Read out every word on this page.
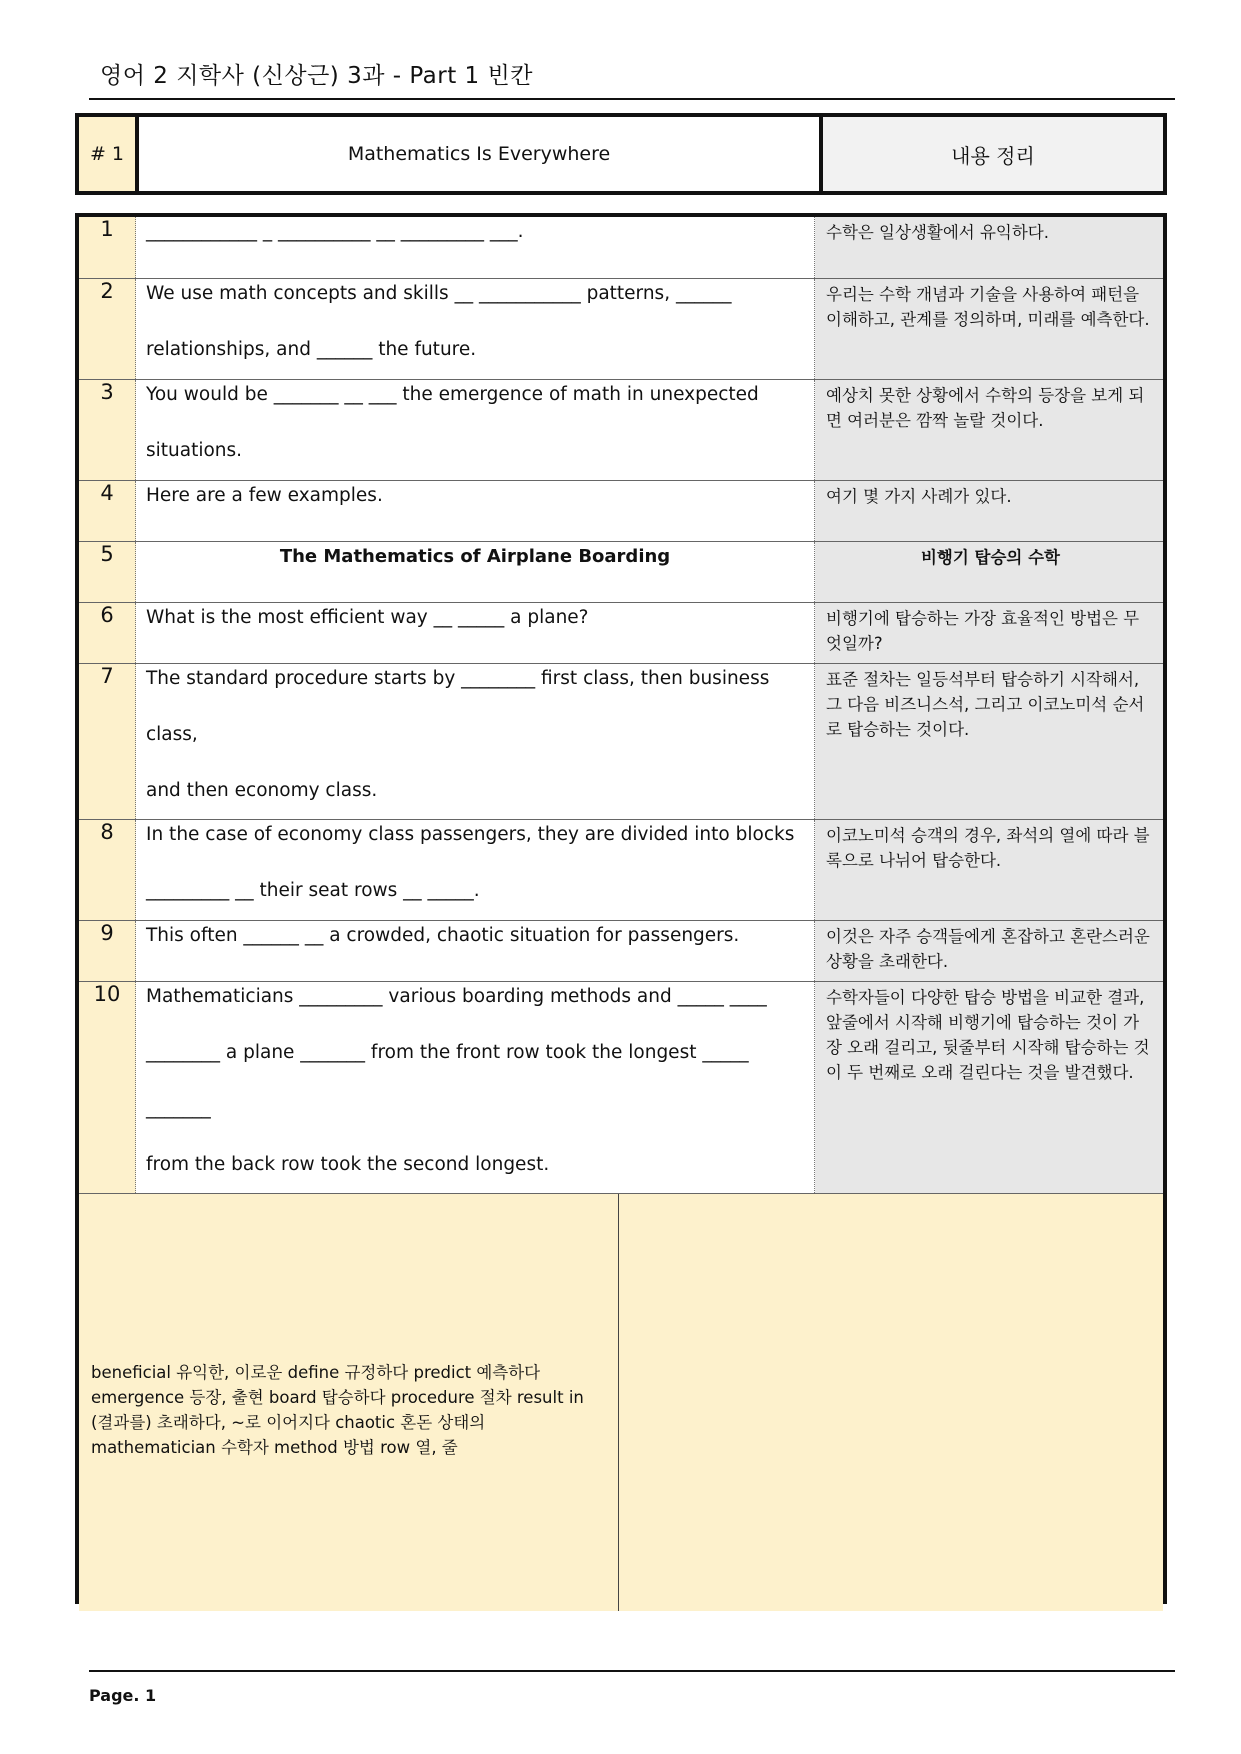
영어 2 지학사 (신상근) 3과 - Part 1 빈칸
# 1	Mathematics Is Everywhere	내용 정리
1	____________ _ __________ __ _________ ___.	수학은 일상생활에서 유익하다.
2	We use math concepts and skills __ ___________ patterns, ______
relationships, and ______ the future.	우리는 수학 개념과 기술을 사용하여 패턴을 이해하고, 관계를 정의하며, 미래를 예측한다.
3	You would be _______ __ ___ the emergence of math in unexpected
situations.	예상치 못한 상황에서 수학의 등장을 보게 되면 여러분은 깜짝 놀랄 것이다.
4	Here are a few examples.	여기 몇 가지 사례가 있다.
5	The Mathematics of Airplane Boarding	비행기 탑승의 수학
6	What is the most efficient way __ _____ a plane?	비행기에 탑승하는 가장 효율적인 방법은 무엇일까?
7	The standard procedure starts by ________ first class, then business class,
and then economy class.	표준 절차는 일등석부터 탑승하기 시작해서, 그 다음 비즈니스석, 그리고 이코노미석 순서로 탑승하는 것이다.
8	In the case of economy class passengers, they are divided into blocks
_________ __ their seat rows __ _____.	이코노미석 승객의 경우, 좌석의 열에 따라 블록으로 나뉘어 탑승한다.
9	This often ______ __ a crowded, chaotic situation for passengers.	이것은 자주 승객들에게 혼잡하고 혼란스러운 상황을 초래한다.
10	Mathematicians _________ various boarding methods and _____ ____
________ a plane _______ from the front row took the longest _____ _______
from the back row took the second longest.	수학자들이 다양한 탑승 방법을 비교한 결과, 앞줄에서 시작해 비행기에 탑승하는 것이 가장 오래 걸리고, 뒷줄부터 시작해 탑승하는 것이 두 번째로 오래 걸린다는 것을 발견했다.
beneficial 유익한, 이로운 define 규정하다 predict 예측하다 emergence 등장, 출현 board 탑승하다 procedure 절차 result in (결과를) 초래하다, ~로 이어지다 chaotic 혼돈 상태의 mathematician 수학자 method 방법 row 열, 줄
Page. 1
